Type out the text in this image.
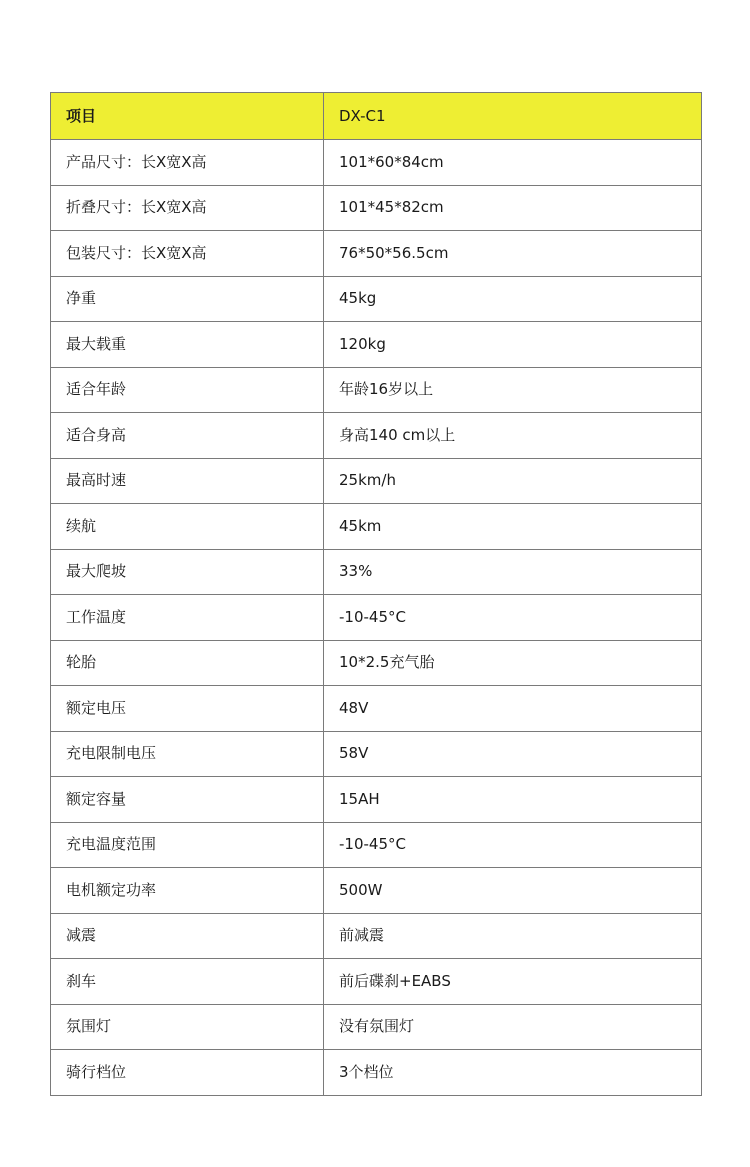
项目	DX-C1
产品尺寸：长X宽X高	101*60*84cm
折叠尺寸：长X宽X高	101*45*82cm
包装尺寸：长X宽X高	76*50*56.5cm
净重	45kg
最大载重	120kg
适合年龄	年龄16岁以上
适合身高	身高140 cm以上
最高时速	25km/h
续航	45km
最大爬坡	33%
工作温度	-10-45°C
轮胎	10*2.5充气胎
额定电压	48V
充电限制电压	58V
额定容量	15AH
充电温度范围	-10-45°C
电机额定功率	500W
减震	前减震
刹车	前后碟刹+EABS
氛围灯	没有氛围灯
骑行档位	3个档位
